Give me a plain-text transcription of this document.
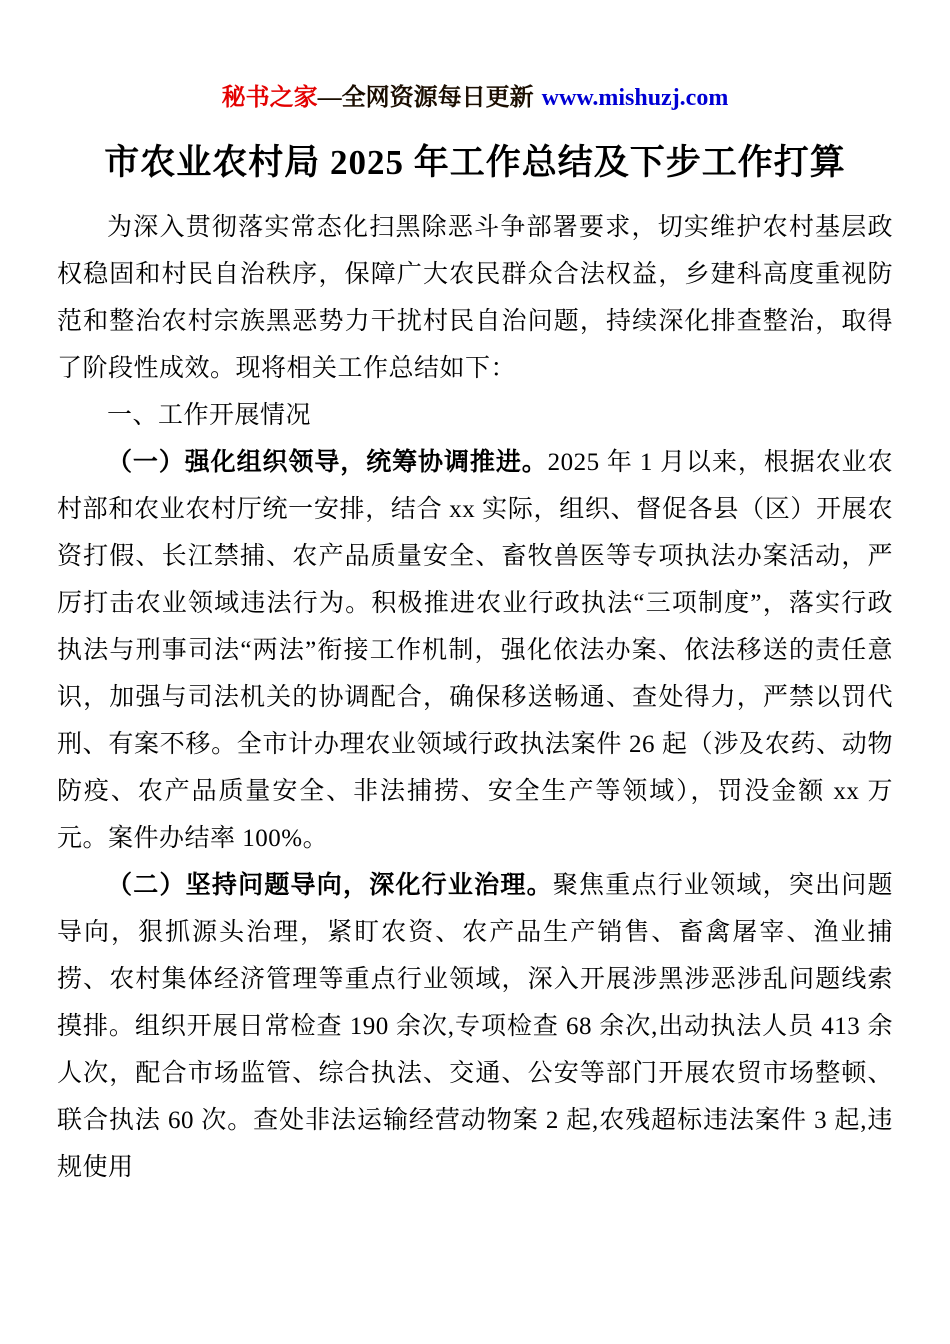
秘书之家—全网资源每日更新 www.mishuzj.com
市农业农村局 2025 年工作总结及下步工作打算

为深入贯彻落实常态化扫黑除恶斗争部署要求，切实维护农村基层政权稳固和村民自治秩序，保障广大农民群众合法权益，乡建科高度重视防范和整治农村宗族黑恶势力干扰村民自治问题，持续深化排查整治，取得了阶段性成效。现将相关工作总结如下：

一、工作开展情况

（一）强化组织领导，统筹协调推进。2025 年 1 月以来，根据农业农村部和农业农村厅统一安排，结合 xx 实际，组织、督促各县（区）开展农资打假、长江禁捕、农产品质量安全、畜牧兽医等专项执法办案活动，严厉打击农业领域违法行为。积极推进农业行政执法“三项制度”，落实行政执法与刑事司法“两法”衔接工作机制，强化依法办案、依法移送的责任意识，加强与司法机关的协调配合，确保移送畅通、查处得力，严禁以罚代刑、有案不移。全市计办理农业领域行政执法案件 26 起（涉及农药、动物防疫、农产品质量安全、非法捕捞、安全生产等领域），罚没金额 xx 万元。案件办结率 100%。

（二）坚持问题导向，深化行业治理。聚焦重点行业领域，突出问题导向，狠抓源头治理，紧盯农资、农产品生产销售、畜禽屠宰、渔业捕捞、农村集体经济管理等重点行业领域，深入开展涉黑涉恶涉乱问题线索摸排。组织开展日常检查 190 余次,专项检查 68 余次,出动执法人员 413 余人次，配合市场监管、综合执法、交通、公安等部门开展农贸市场整顿、联合执法 60 次。查处非法运输经营动物案 2 起,农残超标违法案件 3 起,违规使用
